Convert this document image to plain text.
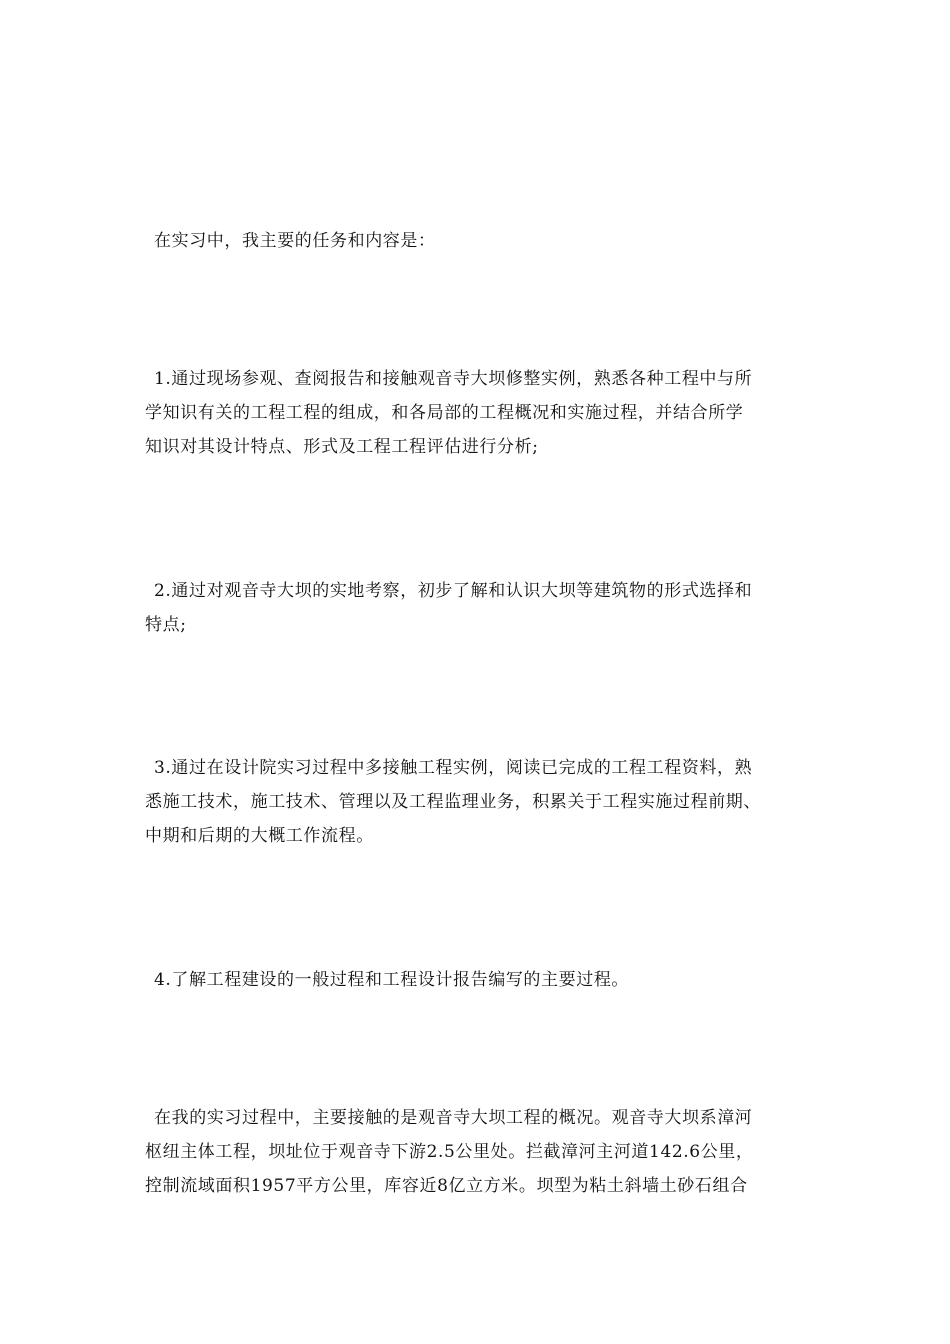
在实习中，我主要的任务和内容是：
1.通过现场参观、查阅报告和接触观音寺大坝修整实例，熟悉各种工程中与所
学知识有关的工程工程的组成，和各局部的工程概况和实施过程，并结合所学
知识对其设计特点、形式及工程工程评估进行分析;
2.通过对观音寺大坝的实地考察，初步了解和认识大坝等建筑物的形式选择和
特点;
3.通过在设计院实习过程中多接触工程实例，阅读已完成的工程工程资料，熟
悉施工技术，施工技术、管理以及工程监理业务，积累关于工程实施过程前期、
中期和后期的大概工作流程。
4.了解工程建设的一般过程和工程设计报告编写的主要过程。
在我的实习过程中，主要接触的是观音寺大坝工程的概况。观音寺大坝系漳河
枢纽主体工程，坝址位于观音寺下游2.5公里处。拦截漳河主河道142.6公里，
控制流域面积1957平方公里，库容近8亿立方米。坝型为粘土斜墙土砂石组合
